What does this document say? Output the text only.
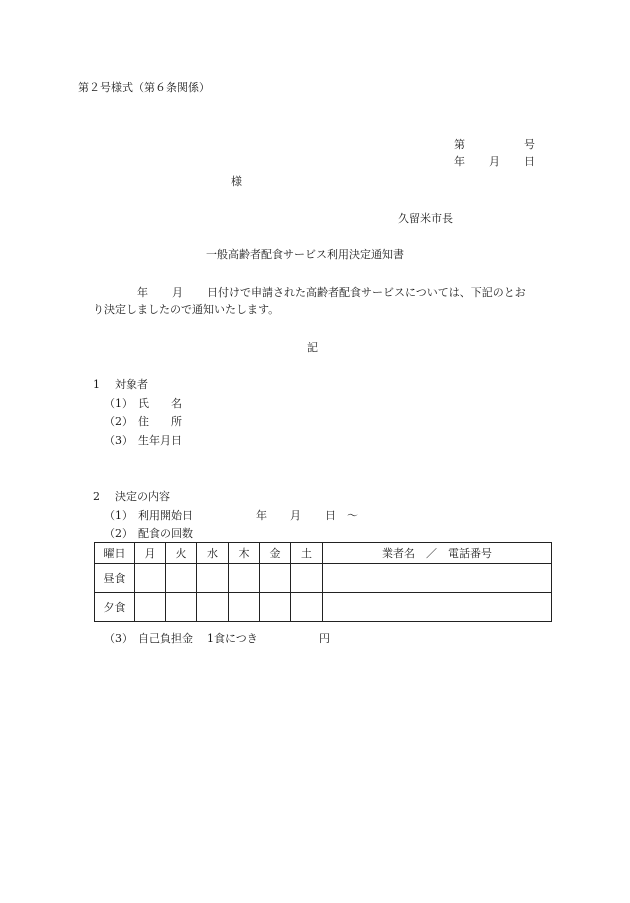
第２号様式（第６条関係）
第	号
年 月 日
様
久留米市長
一般高齢者配食サービス利用決定通知書
年 月 日付けで申請された高齢者配食サービスについては、下記のとお
り決定しましたので通知いたします。
記
1 対象者
（1） 氏　　名
（2） 住　　所
（3） 生年月日
2 決定の内容
（1） 利用開始日	年 月 日 ～
（2） 配食の回数
曜日	月	火	水	木	金	土	業者名　／　電話番号
昼食							
夕食							
（3） 自己負担金 1食につき	円
